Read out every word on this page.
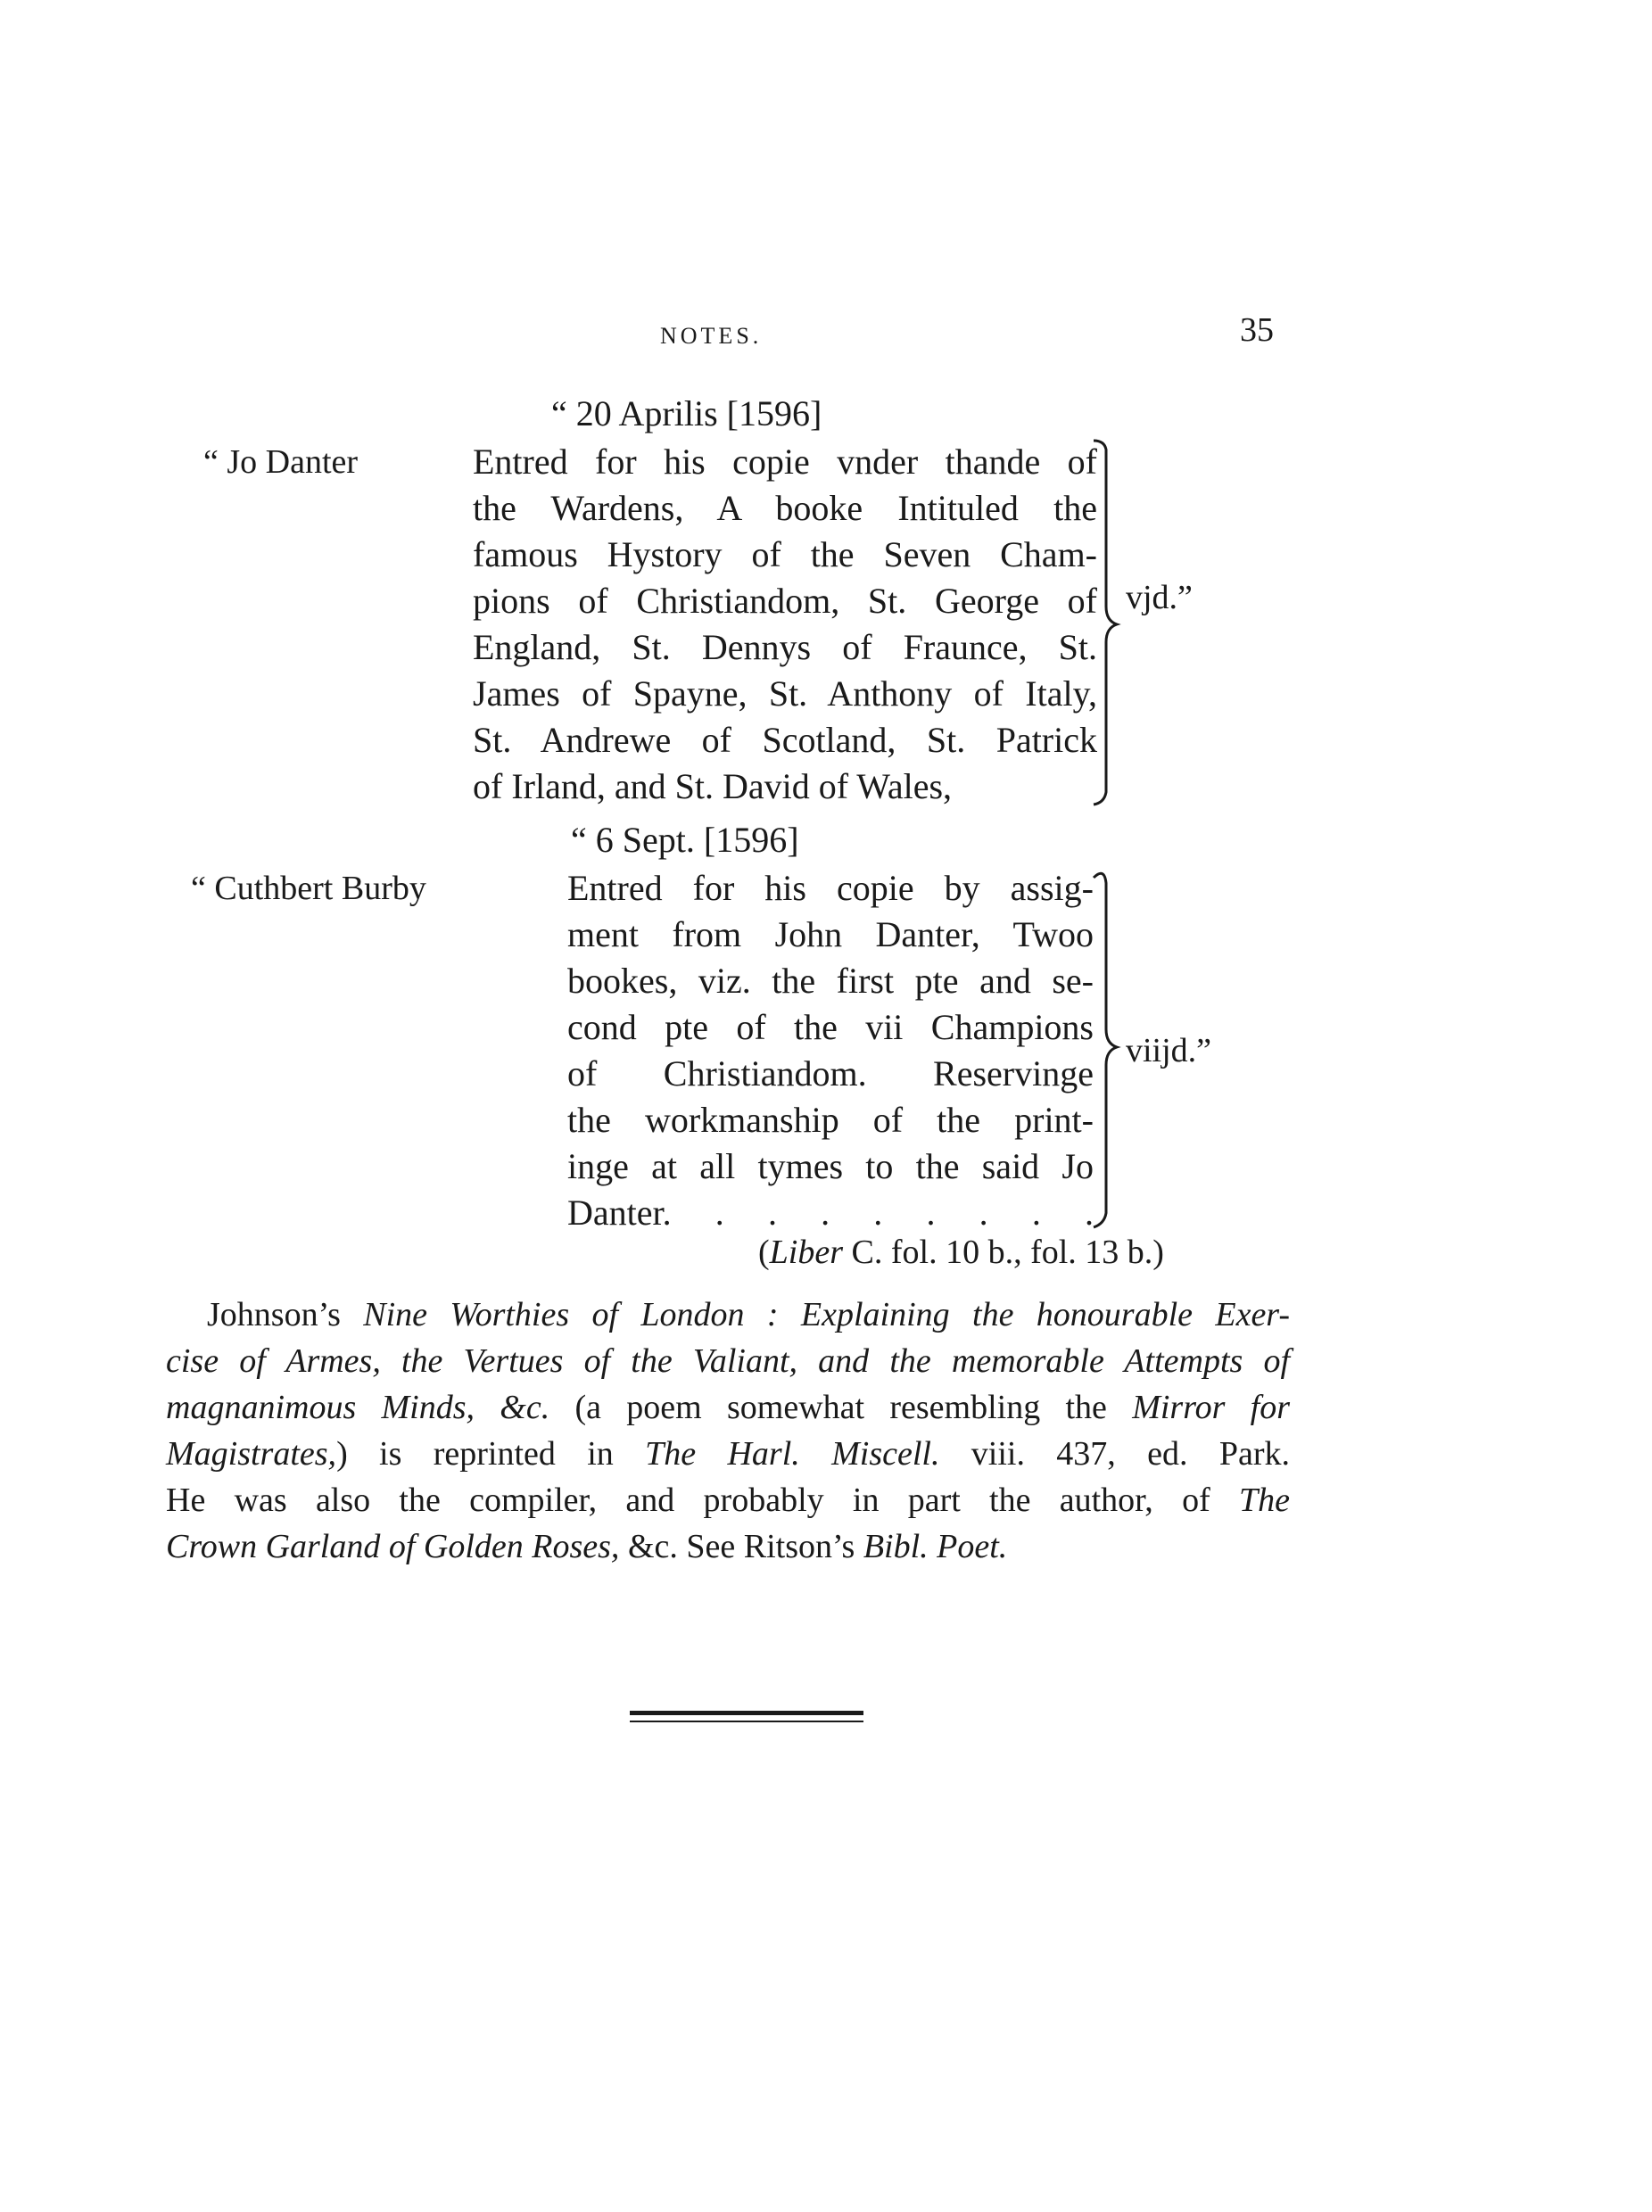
NOTES.	35
“ 20 Aprilis [1596]
“ Jo Danter	Entred for his copie vnder thande of
the Wardens, A booke Intituled the
famous Hystory of the Seven Cham-
pions of Christiandom, St. George of
England, St. Dennys of Fraunce, St.
James of Spayne, St. Anthony of Italy,
St. Andrewe of Scotland, St. Patrick
of Irland, and St. David of Wales,
vjd.”
“ 6 Sept. [1596]
“ Cuthbert Burby	Entred for his copie by assig-
ment from John Danter, Twoo
bookes, viz. the first pte and se-
cond pte of the vii Champions
of Christiandom. Reservinge
the workmanship of the print-
inge at all tymes to the said Jo
Danter. . . . . . . . .
viijd.”
(Liber C. fol. 10 b., fol. 13 b.)
Johnson’s Nine Worthies of London : Explaining the honourable Exer-
cise of Armes, the Vertues of the Valiant, and the memorable Attempts of
magnanimous Minds, &c. (a poem somewhat resembling the Mirror for
Magistrates,) is reprinted in The Harl. Miscell. viii. 437, ed. Park.
He was also the compiler, and probably in part the author, of The
Crown Garland of Golden Roses, &c. See Ritson’s Bibl. Poet.
